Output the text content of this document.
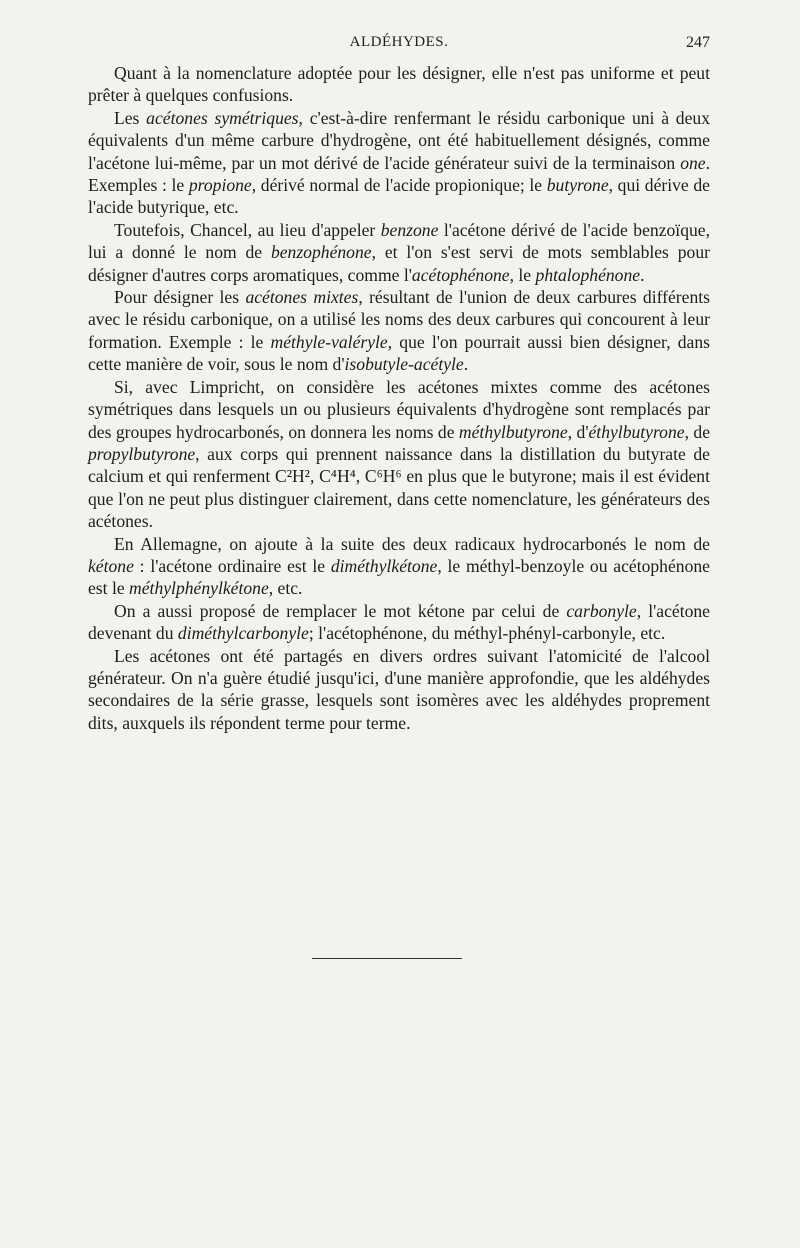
ALDÉHYDES.	247

Quant à la nomenclature adoptée pour les désigner, elle n'est pas uniforme et peut prêter à quelques confusions.

Les acétones symétriques, c'est-à-dire renfermant le résidu carbonique uni à deux équivalents d'un même carbure d'hydrogène, ont été habituellement désignés, comme l'acétone lui-même, par un mot dérivé de l'acide générateur suivi de la terminaison one. Exemples : le propione, dérivé normal de l'acide propionique; le butyrone, qui dérive de l'acide butyrique, etc.

Toutefois, Chancel, au lieu d'appeler benzone l'acétone dérivé de l'acide benzoïque, lui a donné le nom de benzophénone, et l'on s'est servi de mots semblables pour désigner d'autres corps aromatiques, comme l'acétophénone, le phtalophénone.

Pour désigner les acétones mixtes, résultant de l'union de deux carbures différents avec le résidu carbonique, on a utilisé les noms des deux carbures qui concourent à leur formation. Exemple : le méthyle-valéryle, que l'on pourrait aussi bien désigner, dans cette manière de voir, sous le nom d'isobutyle-acétyle.

Si, avec Limpricht, on considère les acétones mixtes comme des acétones symétriques dans lesquels un ou plusieurs équivalents d'hydrogène sont remplacés par des groupes hydrocarbonés, on donnera les noms de méthylbutyrone, d'éthylbutyrone, de propylbutyrone, aux corps qui prennent naissance dans la distillation du butyrate de calcium et qui renferment C²H², C⁴H⁴, C⁶H⁶ en plus que le butyrone; mais il est évident que l'on ne peut plus distinguer clairement, dans cette nomenclature, les générateurs des acétones.

En Allemagne, on ajoute à la suite des deux radicaux hydrocarbonés le nom de kétone : l'acétone ordinaire est le diméthylkétone, le méthyl-benzoyle ou acétophénone est le méthylphénylkétone, etc.

On a aussi proposé de remplacer le mot kétone par celui de carbonyle, l'acétone devenant du diméthylcarbonyle; l'acétophénone, du méthyl-phényl-carbonyle, etc.

Les acétones ont été partagés en divers ordres suivant l'atomicité de l'alcool générateur. On n'a guère étudié jusqu'ici, d'une manière approfondie, que les aldéhydes secondaires de la série grasse, lesquels sont isomères avec les aldéhydes proprement dits, auxquels ils répondent terme pour terme.
